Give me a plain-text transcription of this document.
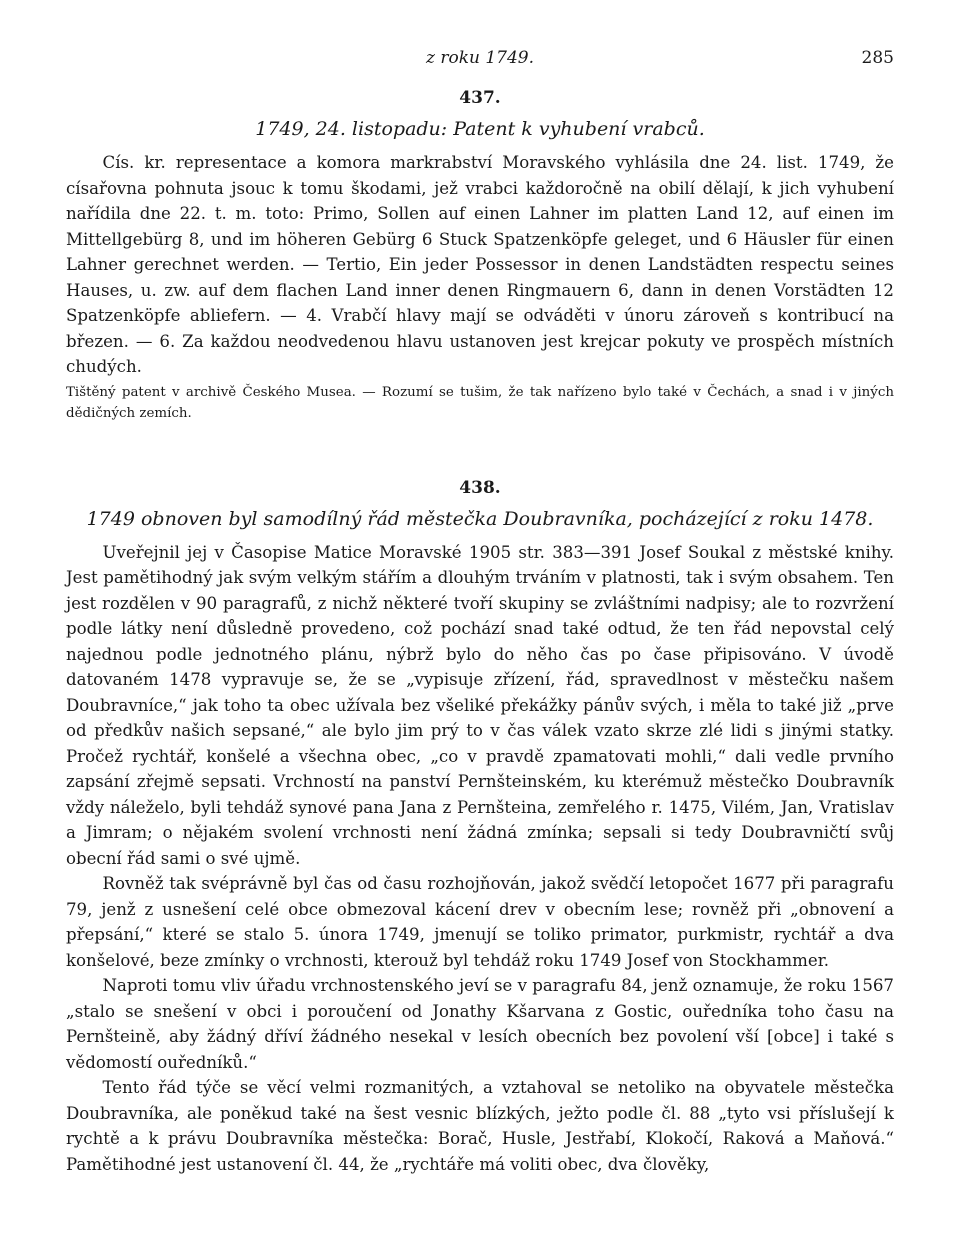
z roku 1749.	285
437.
1749, 24. listopadu: Patent k vyhubení vrabců.

Cís. kr. representace a komora markrabství Moravského vyhlásila dne 24. list. 1749, že císařovna pohnuta jsouc k tomu škodami, jež vrabci každoročně na obilí dělají, k jich vyhubení nařídila dne 22. t. m. toto: Primo, Sollen auf einen Lahner im platten Land 12, auf einen im Mittellgebürg 8, und im höheren Gebürg 6 Stuck Spatzenköpfe geleget, und 6 Häusler für einen Lahner gerechnet werden. — Tertio, Ein jeder Possessor in denen Landstädten respectu seines Hauses, u. zw. auf dem flachen Land inner denen Ringmauern 6, dann in denen Vorstädten 12 Spatzenköpfe abliefern. — 4. Vrabčí hlavy mají se odváděti v únoru zároveň s kontribucí na březen. — 6. Za každou neodvedenou hlavu ustanoven jest krejcar pokuty ve prospěch místních chudých.

Tištěný patent v archivě Českého Musea. — Rozumí se tušim, že tak nařízeno bylo také v Čechách, a snad i v jiných dědičných zemích.

438.
1749 obnoven byl samodílný řád městečka Doubravníka, pocházející z roku 1478.

Uveřejnil jej v Časopise Matice Moravské 1905 str. 383—391 Josef Soukal z městské knihy. Jest pamětihodný jak svým velkým stářím a dlouhým trváním v platnosti, tak i svým obsahem. Ten jest rozdělen v 90 paragrafů, z nichž některé tvoří skupiny se zvláštními nadpisy; ale to rozvržení podle látky není důsledně provedeno, což pochází snad také odtud, že ten řád nepovstal celý najednou podle jednotného plánu, nýbrž bylo do něho čas po čase připisováno. V úvodě datovaném 1478 vypravuje se, že se „vypisuje zřízení, řád, spravedlnost v městečku našem Doubravníce,“ jak toho ta obec užívala bez všeliké překážky pánův svých, i měla to také již „prve od předkův našich sepsané,“ ale bylo jim prý to v čas válek vzato skrze zlé lidi s jinými statky. Pročež rychtář, konšelé a všechna obec, „co v pravdě zpamatovati mohli,“ dali vedle prvního zapsání zřejmě sepsati. Vrchností na panství Pernšteinském, ku kterémuž městečko Doubravník vždy náleželo, byli tehdáž synové pana Jana z Pernšteina, zemřelého r. 1475, Vilém, Jan, Vratislav a Jimram; o nějakém svolení vrchnosti není žádná zmínka; sepsali si tedy Doubravničtí svůj obecní řád sami o své ujmě.

Rovněž tak svéprávně byl čas od času rozhojňován, jakož svědčí letopočet 1677 při paragrafu 79, jenž z usnešení celé obce obmezoval kácení drev v obecním lese; rovněž při „obnovení a přepsání,“ které se stalo 5. února 1749, jmenují se toliko primator, purkmistr, rychtář a dva konšelové, beze zmínky o vrchnosti, kterouž byl tehdáž roku 1749 Josef von Stockhammer.

Naproti tomu vliv úřadu vrchnostenského jeví se v paragrafu 84, jenž oznamuje, že roku 1567 „stalo se snešení v obci i poroučení od Jonathy Kšarvana z Gostic, ouředníka toho času na Pernšteině, aby žádný dříví žádného nesekal v lesích obecních bez povolení vší [obce] i také s vědomostí ouředníků.“

Tento řád týče se věcí velmi rozmanitých, a vztahoval se netoliko na obyvatele městečka Doubravníka, ale poněkud také na šest vesnic blízkých, ježto podle čl. 88 „tyto vsi příslušejí k rychtě a k právu Doubravníka městečka: Borač, Husle, Jestřabí, Klokočí, Raková a Maňová.“ Pamětihodné jest ustanovení čl. 44, že „rychtáře má voliti obec, dva člověky,
